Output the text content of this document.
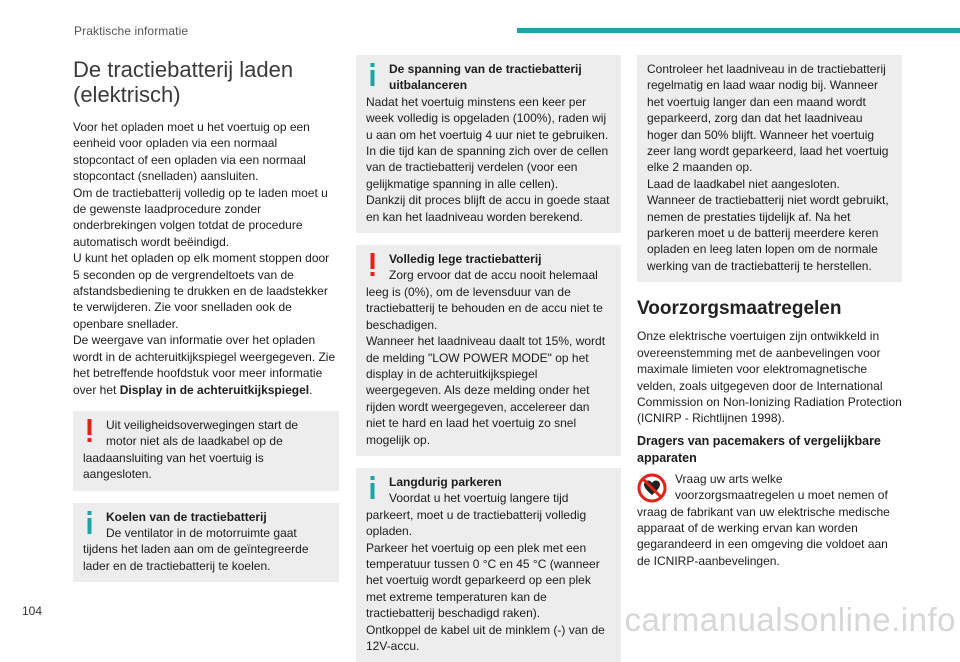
Praktische informatie
De tractiebatterij laden (elektrisch)

Voor het opladen moet u het voertuig op een eenheid voor opladen via een normaal stopcontact of een opladen via een normaal stopcontact (snelladen) aansluiten.

Om de tractiebatterij volledig op te laden moet u de gewenste laadprocedure zonder onderbrekingen volgen totdat de procedure automatisch wordt beëindigd.

U kunt het opladen op elk moment stoppen door 5 seconden op de vergrendeltoets van de afstandsbediening te drukken en de laadstekker te verwijderen. Zie voor snelladen ook de openbare snellader.

De weergave van informatie over het opladen wordt in de achteruitkijkspiegel weergegeven. Zie het betreffende hoofdstuk voor meer informatie over het Display in de achteruitkijkspiegel.

Uit veiligheidsoverwegingen start de motor niet als de laadkabel op de laadaansluiting van het voertuig is aangesloten.
Koelen van de tractiebatterij
De ventilator in de motorruimte gaat tijdens het laden aan om de geïntegreerde lader en de tractiebatterij te koelen.
De spanning van de tractiebatterij uitbalanceren
Nadat het voertuig minstens een keer per week volledig is opgeladen (100%), raden wij u aan om het voertuig 4 uur niet te gebruiken.
In die tijd kan de spanning zich over de cellen van de tractiebatterij verdelen (voor een gelijkmatige spanning in alle cellen).
Dankzij dit proces blijft de accu in goede staat en kan het laadniveau worden berekend.
Volledig lege tractiebatterij
Zorg ervoor dat de accu nooit helemaal leeg is (0%), om de levensduur van de tractiebatterij te behouden en de accu niet te beschadigen.
Wanneer het laadniveau daalt tot 15%, wordt de melding "LOW POWER MODE" op het display in de achteruitkijkspiegel weergegeven. Als deze melding onder het rijden wordt weergegeven, accelereer dan niet te hard en laad het voertuig zo snel mogelijk op.
Langdurig parkeren
Voordat u het voertuig langere tijd parkeert, moet u de tractiebatterij volledig opladen.
Parkeer het voertuig op een plek met een temperatuur tussen 0 °C en 45 °C (wanneer het voertuig wordt geparkeerd op een plek met extreme temperaturen kan de tractiebatterij beschadigd raken).
Ontkoppel de kabel uit de minklem (-) van de 12V-accu.
Controleer het laadniveau in de tractiebatterij regelmatig en laad waar nodig bij. Wanneer het voertuig langer dan een maand wordt geparkeerd, zorg dan dat het laadniveau hoger dan 50% blijft. Wanneer het voertuig zeer lang wordt geparkeerd, laad het voertuig elke 2 maanden op.
Laad de laadkabel niet aangesloten.
Wanneer de tractiebatterij niet wordt gebruikt, nemen de prestaties tijdelijk af. Na het parkeren moet u de batterij meerdere keren opladen en leeg laten lopen om de normale werking van de tractiebatterij te herstellen.
Voorzorgsmaatregelen

Onze elektrische voertuigen zijn ontwikkeld in overeenstemming met de aanbevelingen voor maximale limieten voor elektromagnetische velden, zoals uitgegeven door de International Commission on Non-Ionizing Radiation Protection (ICNIRP - Richtlijnen 1998).

Dragers van pacemakers of vergelijkbare apparaten
Vraag uw arts welke voorzorgsmaatregelen u moet nemen of vraag de fabrikant van uw elektrische medische apparaat of de werking ervan kan worden gegarandeerd in een omgeving die voldoet aan de ICNIRP-aanbevelingen.
104	carmanualsonline.info
